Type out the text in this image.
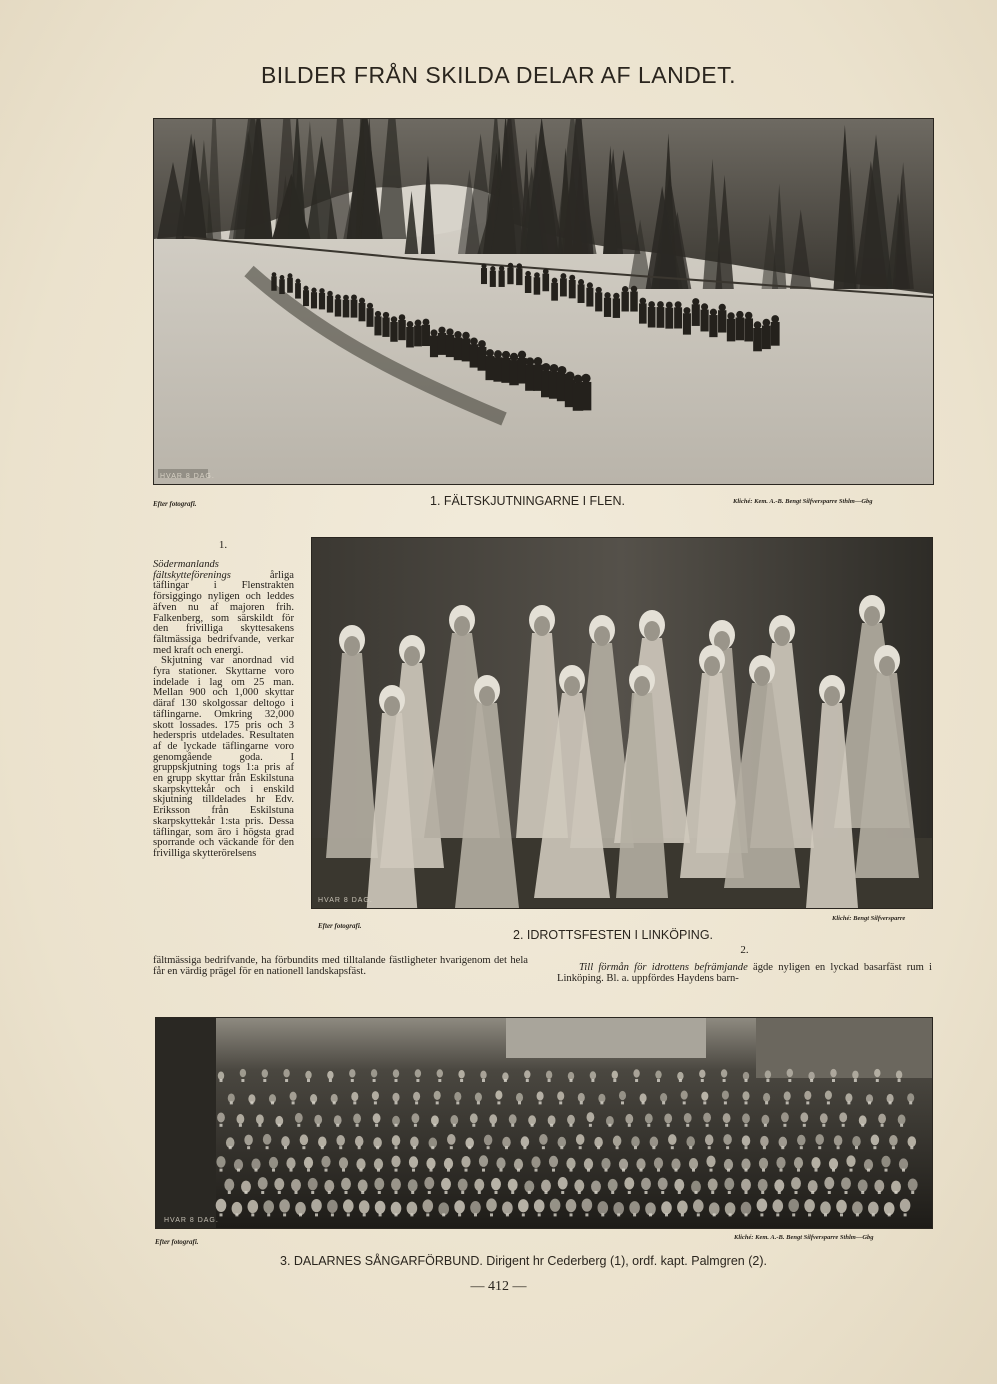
BILDER FRÅN SKILDA DELAR AF LANDET.
HVAR 8 DAG.
Efter fotografi.	1. FÄLTSKJUTNINGARNE I FLEN.	Kliché: Kem. A.-B. Bengt Silfversparre Sthlm—Gbg
1.

Södermanlands fältskytteförenings årliga täflingar i Flenstrakten försiggingo nyligen och leddes äfven nu af majoren frih. Falkenberg, som särskildt för den frivilliga skyttesakens fältmässiga bedrifvande, verkar med kraft och energi.

Skjutning var anordnad vid fyra stationer. Skyttarne voro indelade i lag om 25 man. Mellan 900 och 1,000 skyttar däraf 130 skolgossar deltogo i täflingarne. Omkring 32,000 skott lossades. 175 pris och 3 hederspris utdelades. Resultaten af de lyckade täflingarne voro genomgående goda. I gruppskjutning togs 1:a pris af en grupp skyttar från Eskilstuna skarpskyttekår och i enskild skjutning tilldelades hr Edv. Eriksson från Eskilstuna skarpskyttekår 1:sta pris. Dessa täflingar, som äro i högsta grad sporrande och väckande för den frivilliga skytterörelsens

HVAR 8 DAG.
Efter fotografi.
2. IDROTTSFESTEN I LINKÖPING.
Kliché: Bengt Silfversparre
fältmässiga bedrifvande, ha förbundits med tilltalande fästligheter hvarigenom det hela får en värdig prägel för en nationell landskapsfäst.
2.

Till förmån för idrottens befrämjande ägde nyligen en lyckad basarfäst rum i Linköping. Bl. a. uppfördes Haydens barn-

HVAR 8 DAG.
Efter fotografi.
Kliché: Kem. A.-B. Bengt Silfversparre Sthlm—Gbg
3. DALARNES SÅNGARFÖRBUND. Dirigent hr Cederberg (1), ordf. kapt. Palmgren (2).
— 412 —
